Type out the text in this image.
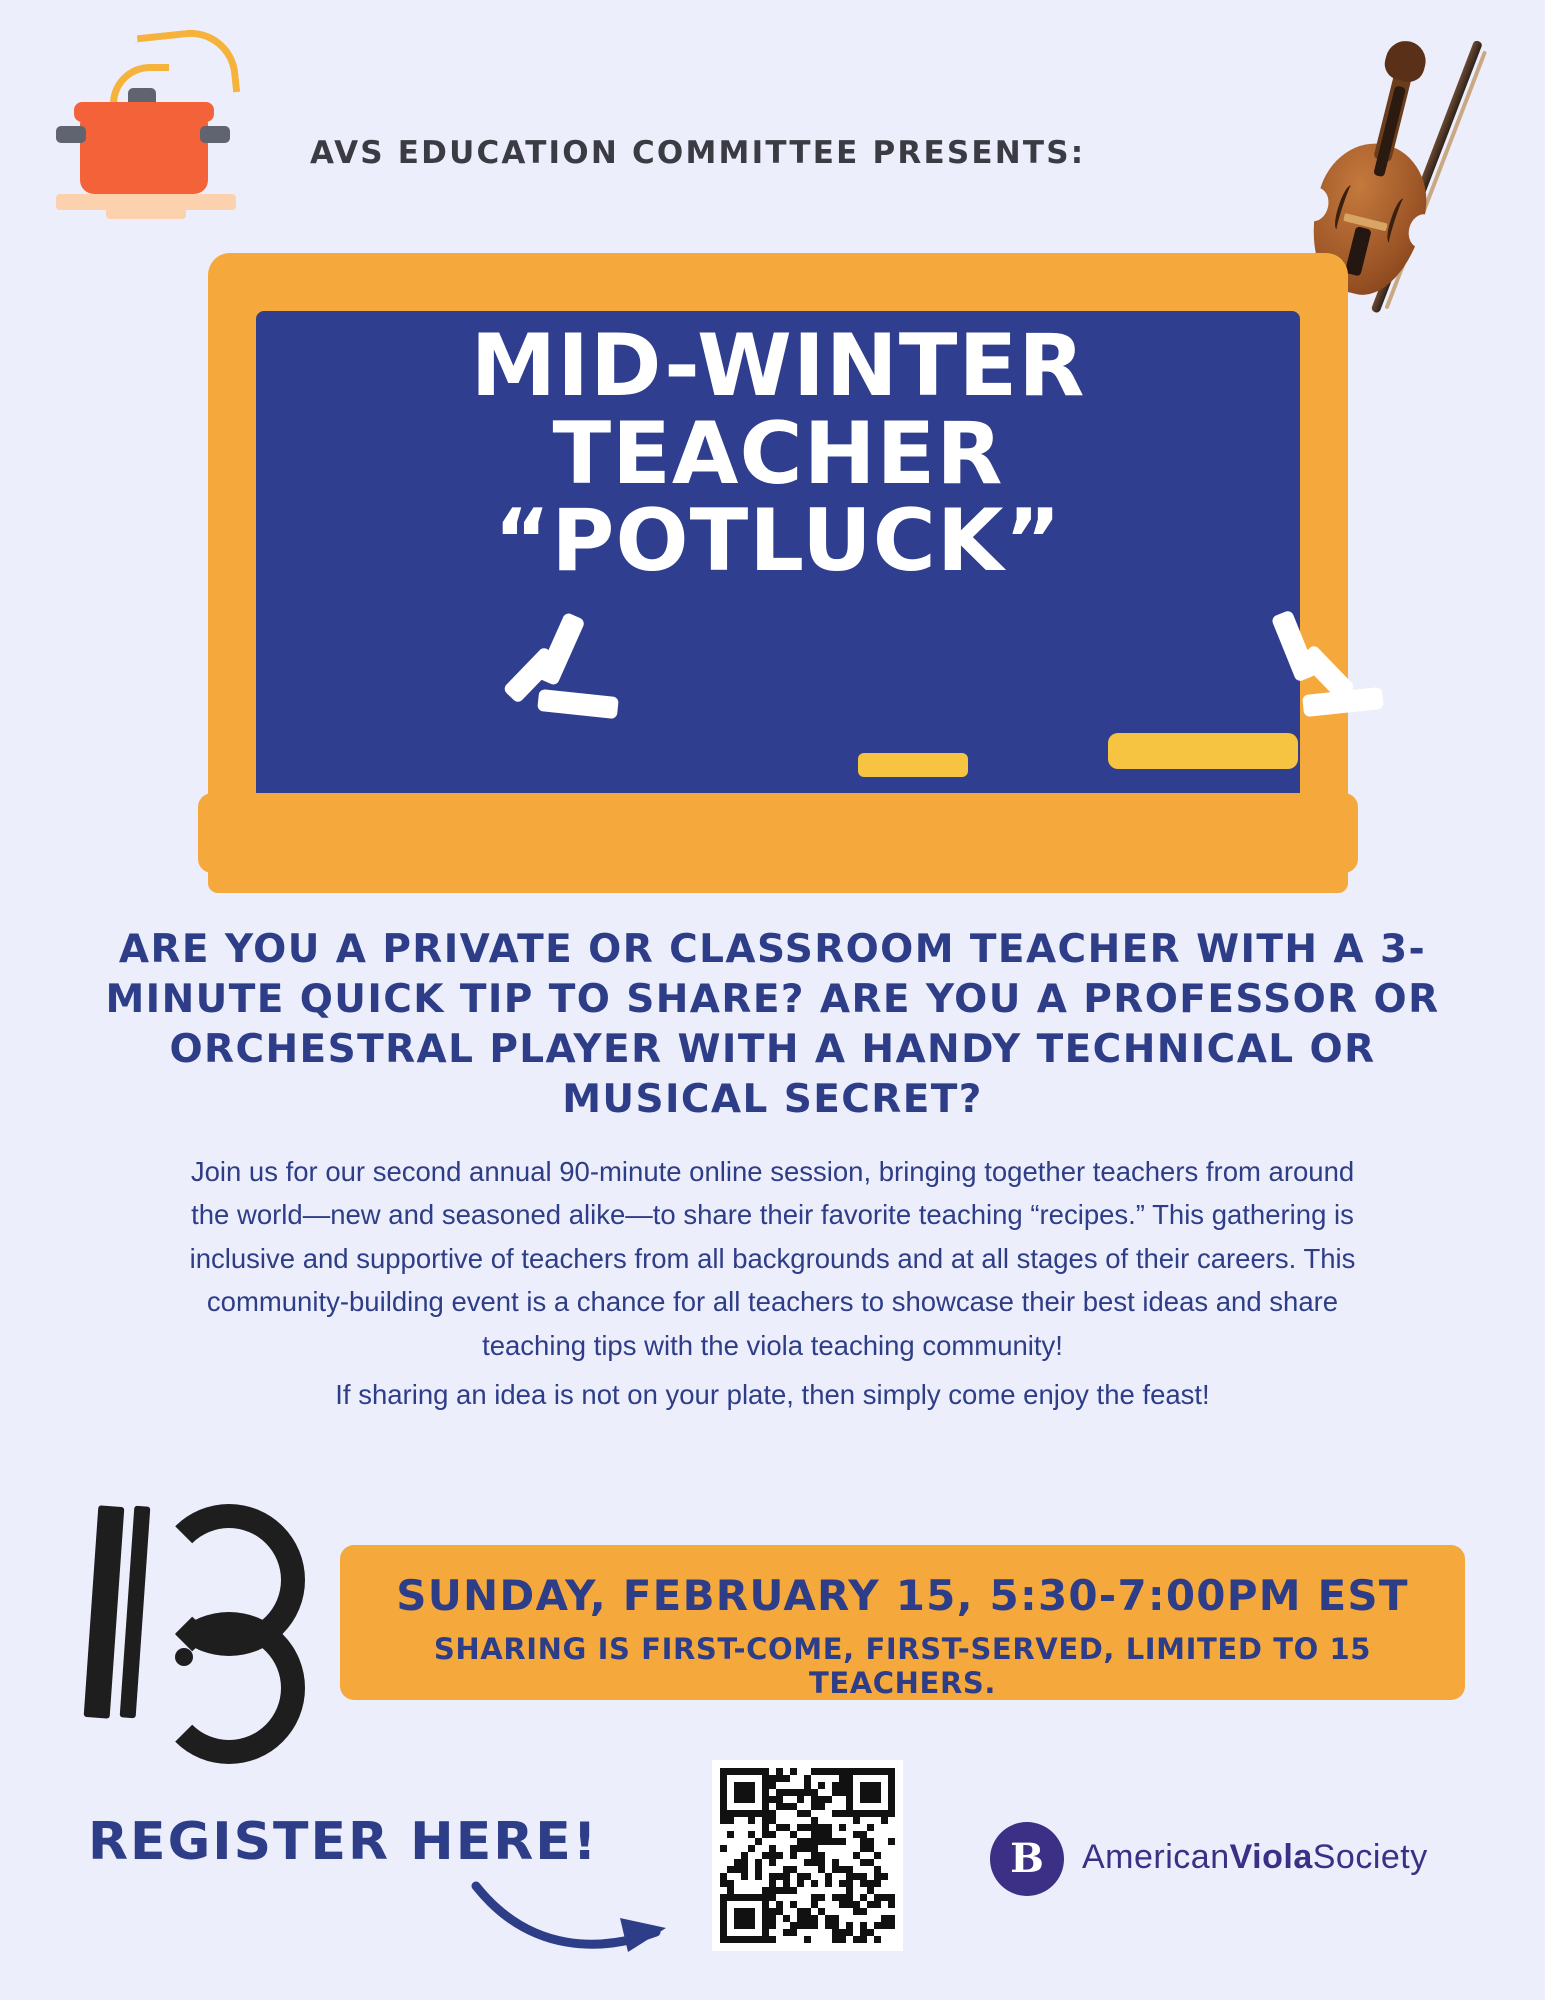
AVS EDUCATION COMMITTEE PRESENTS:
MID-WINTER
TEACHER
“POTLUCK”
ARE YOU A PRIVATE OR CLASSROOM TEACHER WITH A 3-MINUTE QUICK TIP TO SHARE? ARE YOU A PROFESSOR OR ORCHESTRAL PLAYER WITH A HANDY TECHNICAL OR MUSICAL SECRET?

Join us for our second annual 90-minute online session, bringing together teachers from around the world—new and seasoned alike—to share their favorite teaching “recipes.” This gathering is inclusive and supportive of teachers from all backgrounds and at all stages of their careers. This community-building event is a chance for all teachers to showcase their best ideas and share teaching tips with the viola teaching community!

If sharing an idea is not on your plate, then simply come enjoy the feast!

SUNDAY, FEBRUARY 15, 5:30-7:00PM EST
SHARING IS FIRST-COME, FIRST-SERVED, LIMITED TO 15 TEACHERS.
REGISTER HERE!	B AmericanViolaSociety
